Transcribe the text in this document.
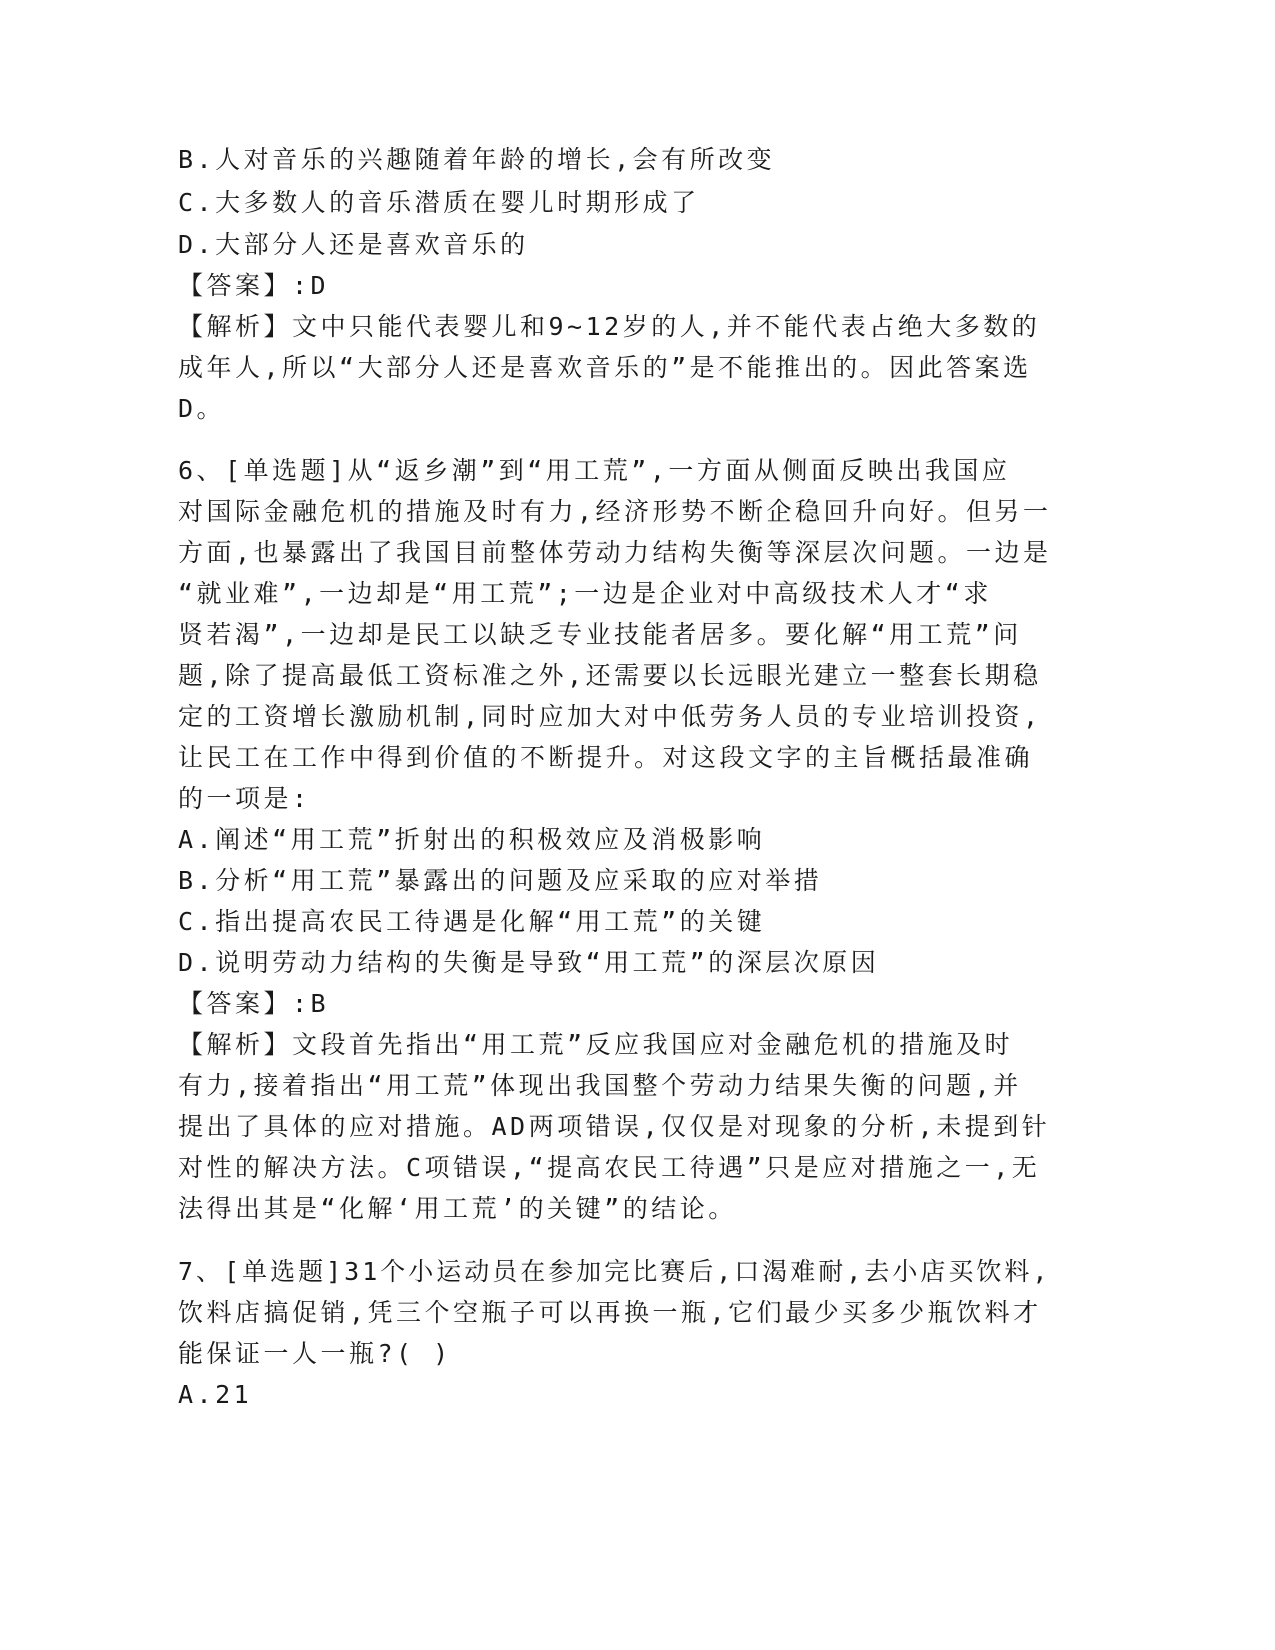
B.人对音乐的兴趣随着年龄的增长,会有所改变
C.大多数人的音乐潜质在婴儿时期形成了
D.大部分人还是喜欢音乐的
【答案】:D
【解析】文中只能代表婴儿和9~12岁的人,并不能代表占绝大多数的
成年人,所以“大部分人还是喜欢音乐的”是不能推出的。因此答案选
D。
6、[单选题]从“返乡潮”到“用工荒”,一方面从侧面反映出我国应
对国际金融危机的措施及时有力,经济形势不断企稳回升向好。但另一
方面,也暴露出了我国目前整体劳动力结构失衡等深层次问题。一边是
“就业难”,一边却是“用工荒”;一边是企业对中高级技术人才“求
贤若渴”,一边却是民工以缺乏专业技能者居多。要化解“用工荒”问
题,除了提高最低工资标准之外,还需要以长远眼光建立一整套长期稳
定的工资增长激励机制,同时应加大对中低劳务人员的专业培训投资,
让民工在工作中得到价值的不断提升。对这段文字的主旨概括最准确
的一项是:
A.阐述“用工荒”折射出的积极效应及消极影响
B.分析“用工荒”暴露出的问题及应采取的应对举措
C.指出提高农民工待遇是化解“用工荒”的关键
D.说明劳动力结构的失衡是导致“用工荒”的深层次原因
【答案】:B
【解析】文段首先指出“用工荒”反应我国应对金融危机的措施及时
有力,接着指出“用工荒”体现出我国整个劳动力结果失衡的问题,并
提出了具体的应对措施。AD两项错误,仅仅是对现象的分析,未提到针
对性的解决方法。C项错误,“提高农民工待遇”只是应对措施之一,无
法得出其是“化解‘用工荒’的关键”的结论。
7、[单选题]31个小运动员在参加完比赛后,口渴难耐,去小店买饮料,
饮料店搞促销,凭三个空瓶子可以再换一瓶,它们最少买多少瓶饮料才
能保证一人一瓶?( )
A.21
